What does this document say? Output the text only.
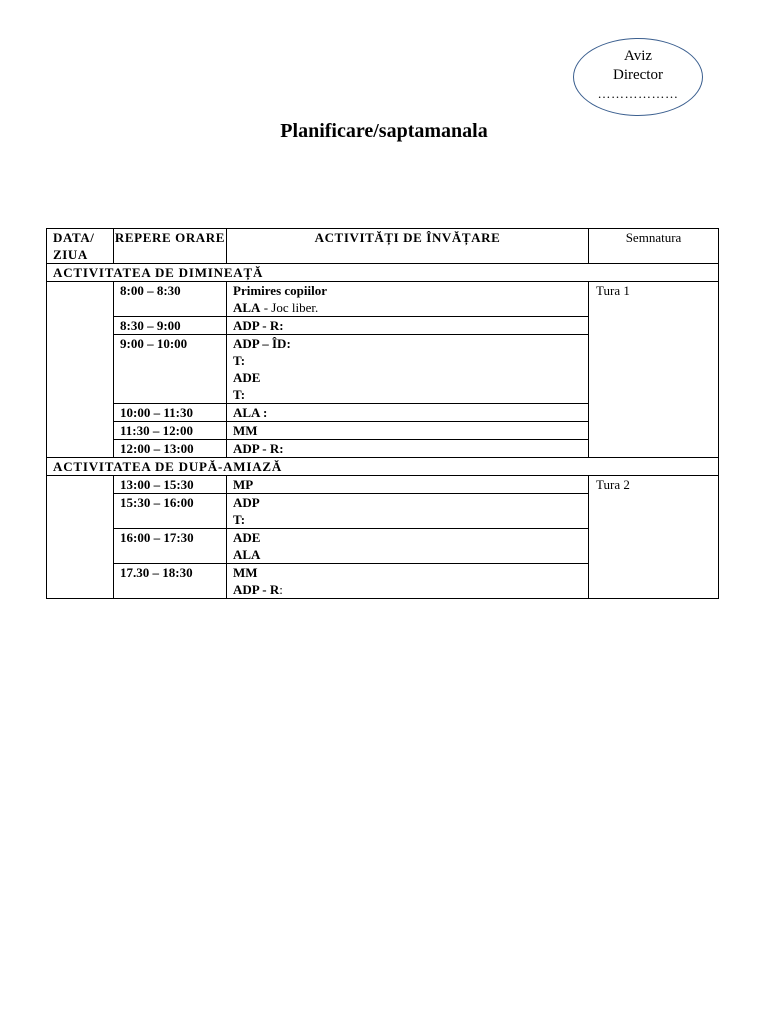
Aviz
Director
………………
Planificare/saptamanala
DATA/ ZIUA	REPERE ORARE	ACTIVITĂȚI DE ÎNVĂȚARE	Semnatura
ACTIVITATEA DE DIMINEAȚĂ			
	8:00 – 8:30	Primires copiilor
ALA - Joc liber.	Tura 1
	8:30 – 9:00	ADP - R:	

	9:00 – 10:00	ADP – ÎD:
T:
ADE
T:	

	10:00 – 11:30	ALA :	

	11:30 – 12:00	MM	

	12:00 – 13:00	ADP - R:	

ACTIVITATEA DE DUPĂ-AMIAZĂ			
	13:00 – 15:30	MP	Tura 2
	15:30 – 16:00	ADP
T:	

	16:00 – 17:30	ADE
ALA	

	17.30 – 18:30	MM
ADP - R:	
